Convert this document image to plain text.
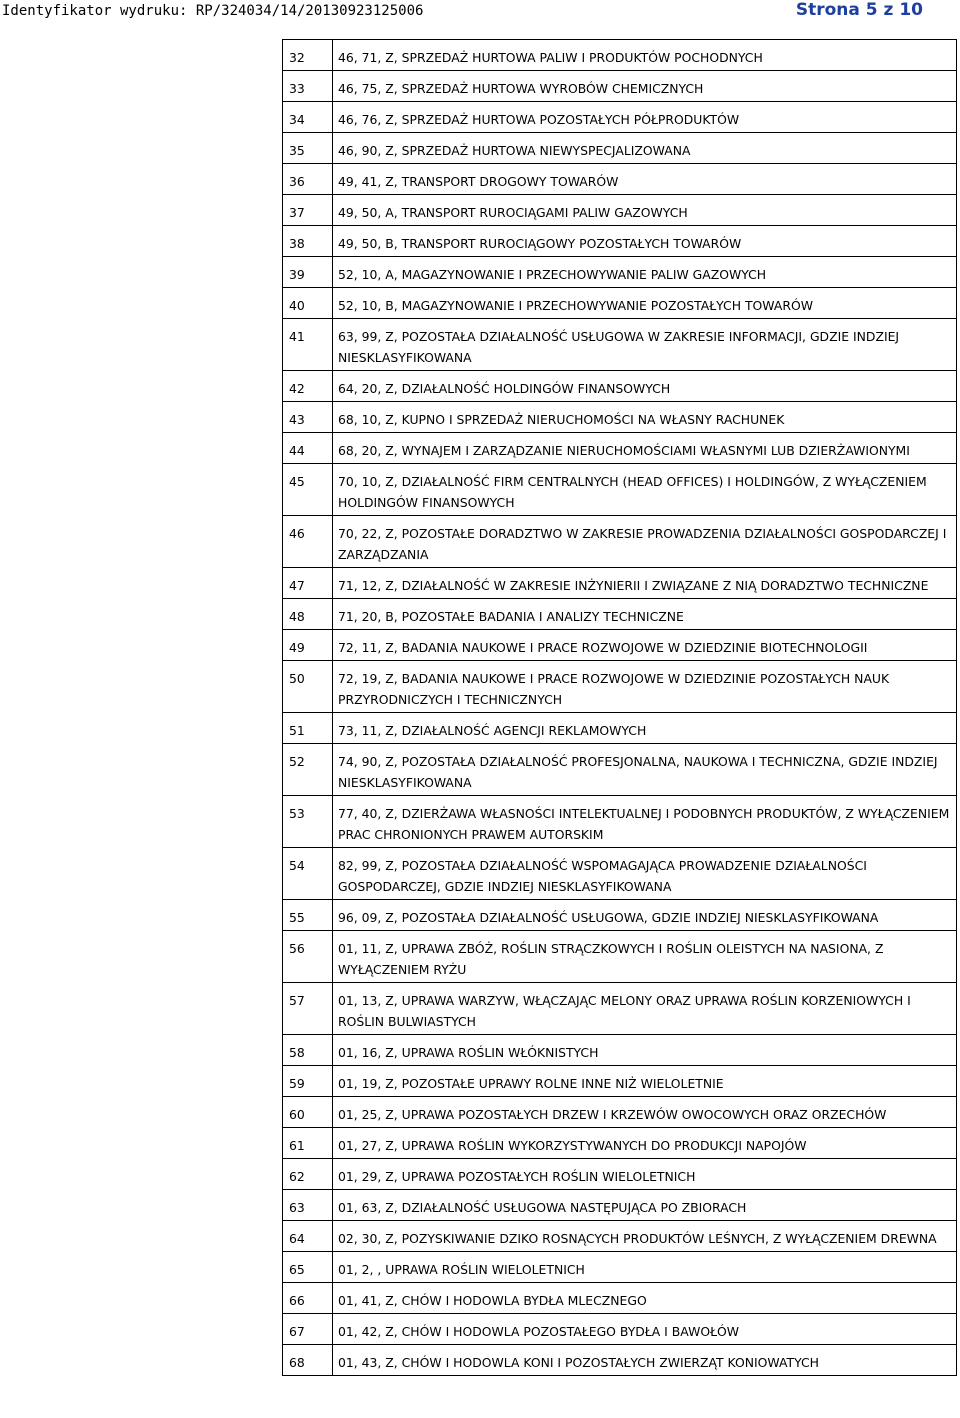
Identyfikator wydruku: RP/324034/14/20130923125006	Strona 5 z 10
32	46, 71, Z, SPRZEDAŻ HURTOWA PALIW I PRODUKTÓW POCHODNYCH
33	46, 75, Z, SPRZEDAŻ HURTOWA WYROBÓW CHEMICZNYCH
34	46, 76, Z, SPRZEDAŻ HURTOWA POZOSTAŁYCH PÓŁPRODUKTÓW
35	46, 90, Z, SPRZEDAŻ HURTOWA NIEWYSPECJALIZOWANA
36	49, 41, Z, TRANSPORT DROGOWY TOWARÓW
37	49, 50, A, TRANSPORT RUROCIĄGAMI PALIW GAZOWYCH
38	49, 50, B, TRANSPORT RUROCIĄGOWY POZOSTAŁYCH TOWARÓW
39	52, 10, A, MAGAZYNOWANIE I PRZECHOWYWANIE PALIW GAZOWYCH
40	52, 10, B, MAGAZYNOWANIE I PRZECHOWYWANIE POZOSTAŁYCH TOWARÓW
41	63, 99, Z, POZOSTAŁA DZIAŁALNOŚĆ USŁUGOWA W ZAKRESIE INFORMACJI, GDZIE INDZIEJ NIESKLASYFIKOWANA
42	64, 20, Z, DZIAŁALNOŚĆ HOLDINGÓW FINANSOWYCH
43	68, 10, Z, KUPNO I SPRZEDAŻ NIERUCHOMOŚCI NA WŁASNY RACHUNEK
44	68, 20, Z, WYNAJEM I ZARZĄDZANIE NIERUCHOMOŚCIAMI WŁASNYMI LUB DZIERŻAWIONYMI
45	70, 10, Z, DZIAŁALNOŚĆ FIRM CENTRALNYCH (HEAD OFFICES) I HOLDINGÓW, Z WYŁĄCZENIEM HOLDINGÓW FINANSOWYCH
46	70, 22, Z, POZOSTAŁE DORADZTWO W ZAKRESIE PROWADZENIA DZIAŁALNOŚCI GOSPODARCZEJ I ZARZĄDZANIA
47	71, 12, Z, DZIAŁALNOŚĆ W ZAKRESIE INŻYNIERII I ZWIĄZANE Z NIĄ DORADZTWO TECHNICZNE
48	71, 20, B, POZOSTAŁE BADANIA I ANALIZY TECHNICZNE
49	72, 11, Z, BADANIA NAUKOWE I PRACE ROZWOJOWE W DZIEDZINIE BIOTECHNOLOGII
50	72, 19, Z, BADANIA NAUKOWE I PRACE ROZWOJOWE W DZIEDZINIE POZOSTAŁYCH NAUK PRZYRODNICZYCH I TECHNICZNYCH
51	73, 11, Z, DZIAŁALNOŚĆ AGENCJI REKLAMOWYCH
52	74, 90, Z, POZOSTAŁA DZIAŁALNOŚĆ PROFESJONALNA, NAUKOWA I TECHNICZNA, GDZIE INDZIEJ NIESKLASYFIKOWANA
53	77, 40, Z, DZIERŻAWA WŁASNOŚCI INTELEKTUALNEJ I PODOBNYCH PRODUKTÓW, Z WYŁĄCZENIEM PRAC CHRONIONYCH PRAWEM AUTORSKIM
54	82, 99, Z, POZOSTAŁA DZIAŁALNOŚĆ WSPOMAGAJĄCA PROWADZENIE DZIAŁALNOŚCI GOSPODARCZEJ, GDZIE INDZIEJ NIESKLASYFIKOWANA
55	96, 09, Z, POZOSTAŁA DZIAŁALNOŚĆ USŁUGOWA, GDZIE INDZIEJ NIESKLASYFIKOWANA
56	01, 11, Z, UPRAWA ZBÓŻ, ROŚLIN STRĄCZKOWYCH I ROŚLIN OLEISTYCH NA NASIONA, Z WYŁĄCZENIEM RYŻU
57	01, 13, Z, UPRAWA WARZYW, WŁĄCZAJĄC MELONY ORAZ UPRAWA ROŚLIN KORZENIOWYCH I ROŚLIN BULWIASTYCH
58	01, 16, Z, UPRAWA ROŚLIN WŁÓKNISTYCH
59	01, 19, Z, POZOSTAŁE UPRAWY ROLNE INNE NIŻ WIELOLETNIE
60	01, 25, Z, UPRAWA POZOSTAŁYCH DRZEW I KRZEWÓW OWOCOWYCH ORAZ ORZECHÓW
61	01, 27, Z, UPRAWA ROŚLIN WYKORZYSTYWANYCH DO PRODUKCJI NAPOJÓW
62	01, 29, Z, UPRAWA POZOSTAŁYCH ROŚLIN WIELOLETNICH
63	01, 63, Z, DZIAŁALNOŚĆ USŁUGOWA NASTĘPUJĄCA PO ZBIORACH
64	02, 30, Z, POZYSKIWANIE DZIKO ROSNĄCYCH PRODUKTÓW LEŚNYCH, Z WYŁĄCZENIEM DREWNA
65	01, 2, , UPRAWA ROŚLIN WIELOLETNICH
66	01, 41, Z, CHÓW I HODOWLA BYDŁA MLECZNEGO
67	01, 42, Z, CHÓW I HODOWLA POZOSTAŁEGO BYDŁA I BAWOŁÓW
68	01, 43, Z, CHÓW I HODOWLA KONI I POZOSTAŁYCH ZWIERZĄT KONIOWATYCH
